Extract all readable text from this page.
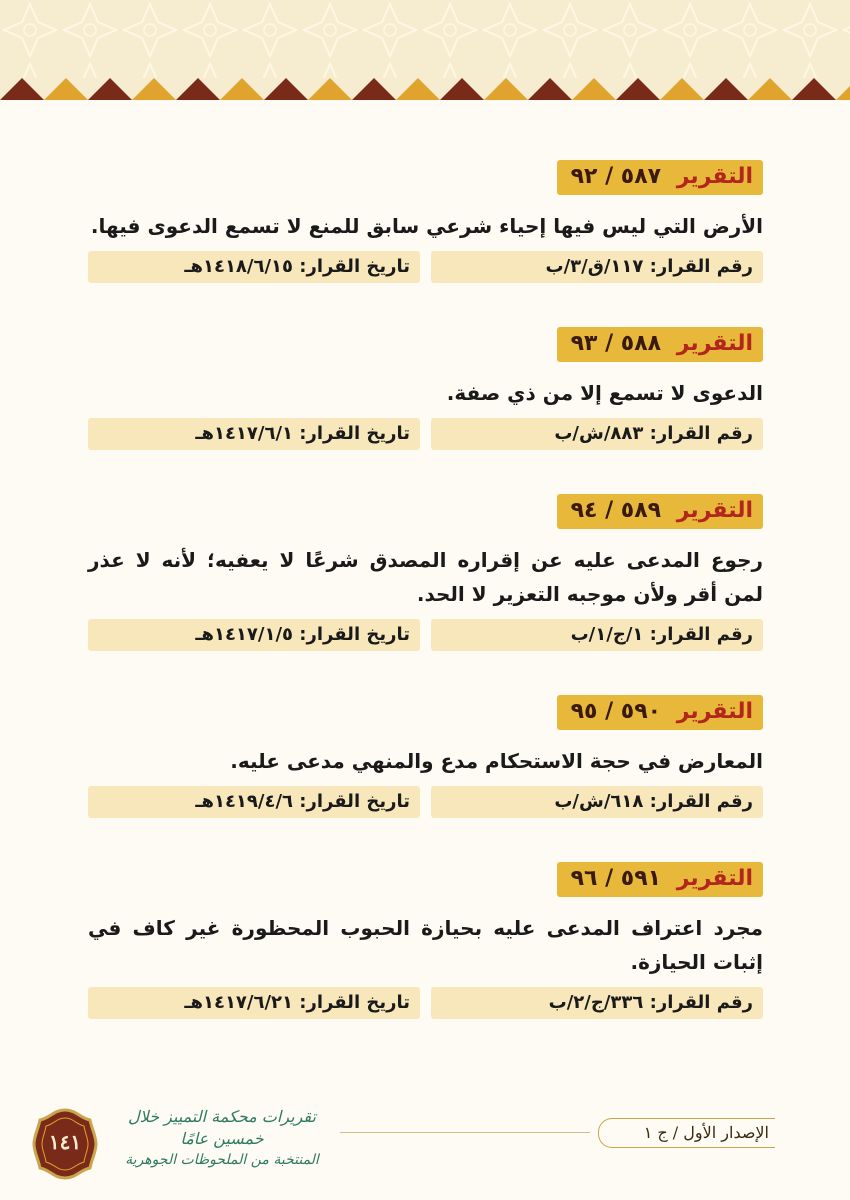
التقرير ٥٨٧ / ٩٢
الأرض التي ليس فيها إحياء شرعي سابق للمنع لا تسمع الدعوى فيها.
رقم القرار: ١١٧/ق/٣/ب
تاريخ القرار: ١٤١٨/٦/١٥هـ
التقرير ٥٨٨ / ٩٣
الدعوى لا تسمع إلا من ذي صفة.
رقم القرار: ٨٨٣/ش/ب
تاريخ القرار: ١٤١٧/٦/١هـ
التقرير ٥٨٩ / ٩٤
رجوع المدعى عليه عن إقراره المصدق شرعًا لا يعفيه؛ لأنه لا عذر لمن أقر ولأن موجبه التعزير لا الحد.
رقم القرار: ١/ج/١/ب
تاريخ القرار: ١٤١٧/١/٥هـ
التقرير ٥٩٠ / ٩٥
المعارض في حجة الاستحكام مدع والمنهي مدعى عليه.
رقم القرار: ٦١٨/ش/ب
تاريخ القرار: ١٤١٩/٤/٦هـ
التقرير ٥٩١ / ٩٦
مجرد اعتراف المدعى عليه بحيازة الحبوب المحظورة غير كاف في إثبات الحيازة.
رقم القرار: ٣٣٦/ج/٢/ب
تاريخ القرار: ١٤١٧/٦/٢١هـ
١٤١
تقريرات محكمة التمييز خلال خمسين عامًا
المنتخبة من الملحوظات الجوهرية
الإصدار الأول / ج ١
